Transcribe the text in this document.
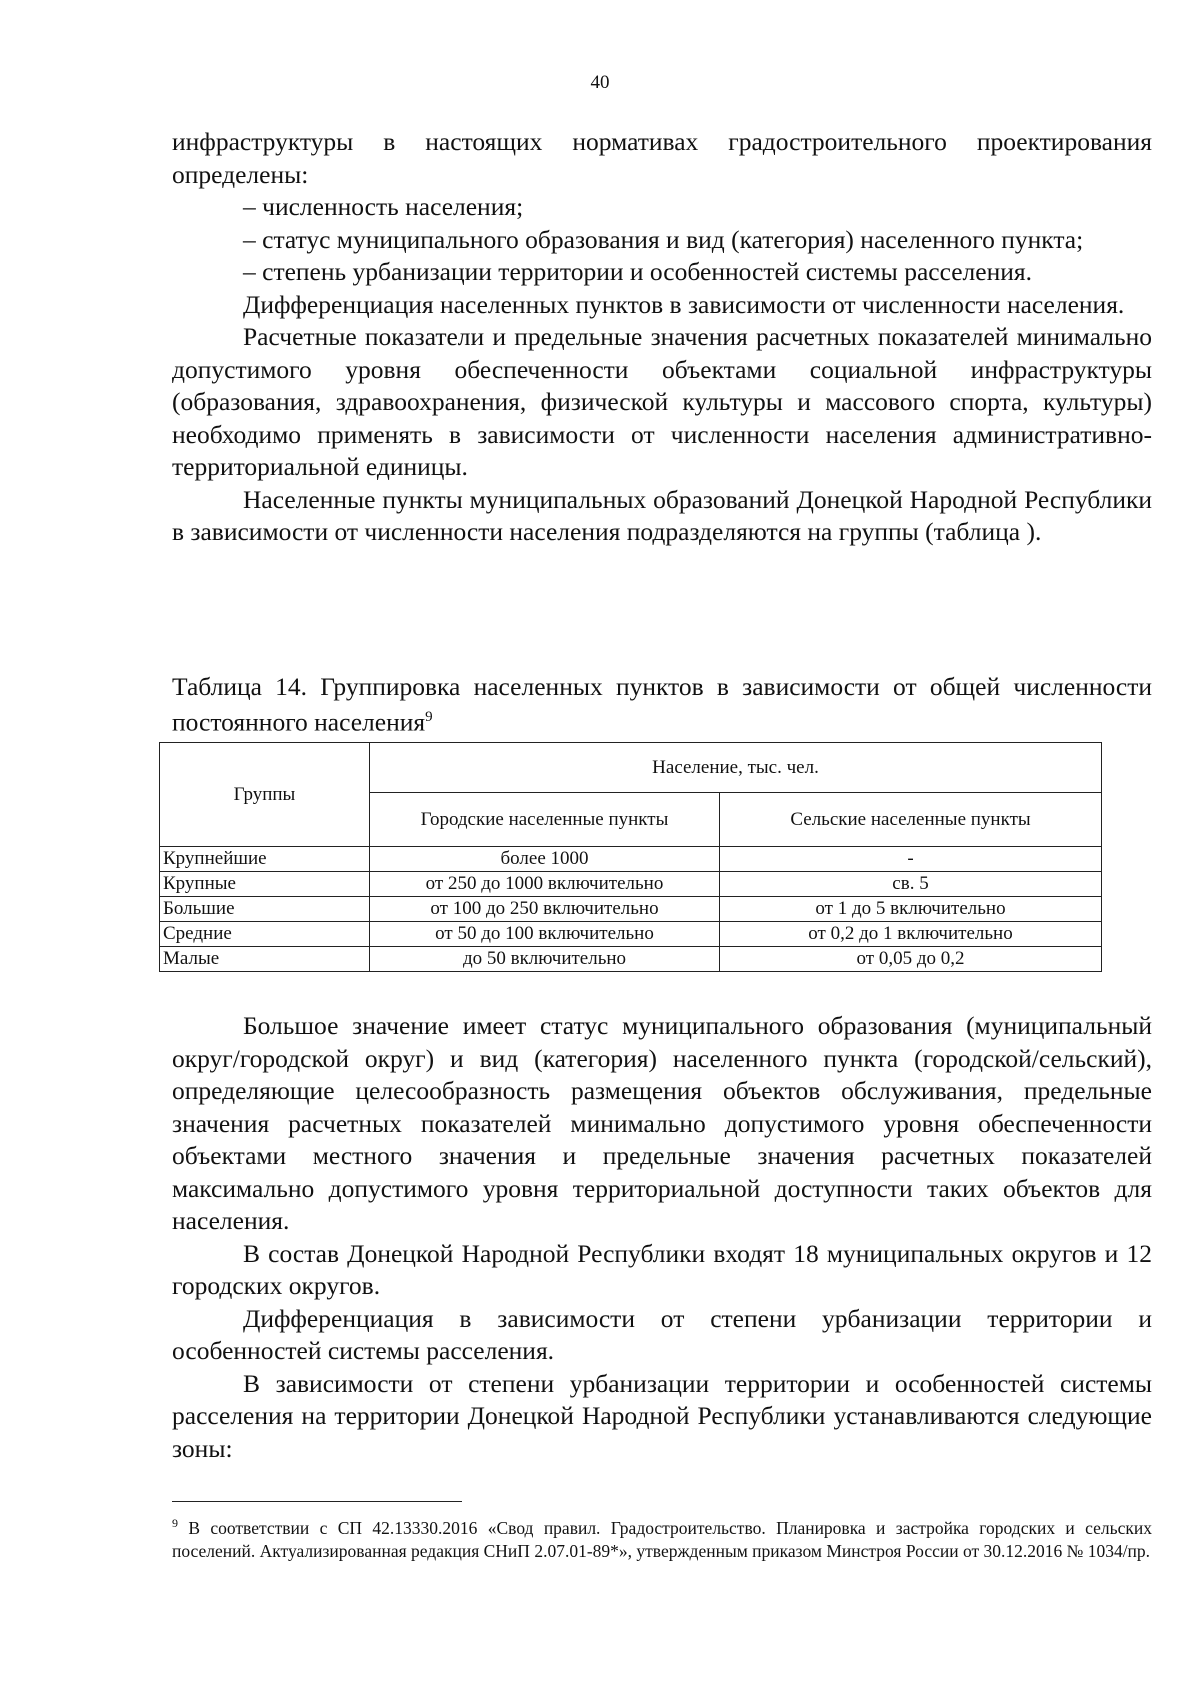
40

инфраструктуры в настоящих нормативах градостроительного проектирования определены:

– численность населения;

– статус муниципального образования и вид (категория) населенного пункта;

– степень урбанизации территории и особенностей системы расселения.

Дифференциация населенных пунктов в зависимости от численности населения.

Расчетные показатели и предельные значения расчетных показателей минимально допустимого уровня обеспеченности объектами социальной инфраструктуры (образования, здравоохранения, физической культуры и массового спорта, культуры) необходимо применять в зависимости от численности населения административно-территориальной единицы.

Населенные пункты муниципальных образований Донецкой Народной Республики в зависимости от численности населения подразделяются на группы (таблица ).

Таблица 14. Группировка населенных пунктов в зависимости от общей численности постоянного населения$^9$
Группы	Население, тыс. чел.	
	Городские населенные пункты	Сельские населенные пункты
Крупнейшие	более 1000	-
Крупные	от 250 до 1000 включительно	св. 5
Большие	от 100 до 250 включительно	от 1 до 5 включительно
Средние	от 50 до 100 включительно	от 0,2 до 1 включительно
Малые	до 50 включительно	от 0,05 до 0,2

Большое значение имеет статус муниципального образования (муниципальный округ/городской округ) и вид (категория) населенного пункта (городской/сельский), определяющие целесообразность размещения объектов обслуживания, предельные значения расчетных показателей минимально допустимого уровня обеспеченности объектами местного значения и предельные значения расчетных показателей максимально допустимого уровня территориальной доступности таких объектов для населения.

В состав Донецкой Народной Республики входят 18 муниципальных округов и 12 городских округов.

Дифференциация в зависимости от степени урбанизации территории и особенностей системы расселения.

В зависимости от степени урбанизации территории и особенностей системы расселения на территории Донецкой Народной Республики устанавливаются следующие зоны:

$^9$ В соответствии с СП 42.13330.2016 «Свод правил. Градостроительство. Планировка и застройка городских и сельских поселений. Актуализированная редакция СНиП 2.07.01-89*», утвержденным приказом Минстроя России от 30.12.2016 № 1034/пр.
